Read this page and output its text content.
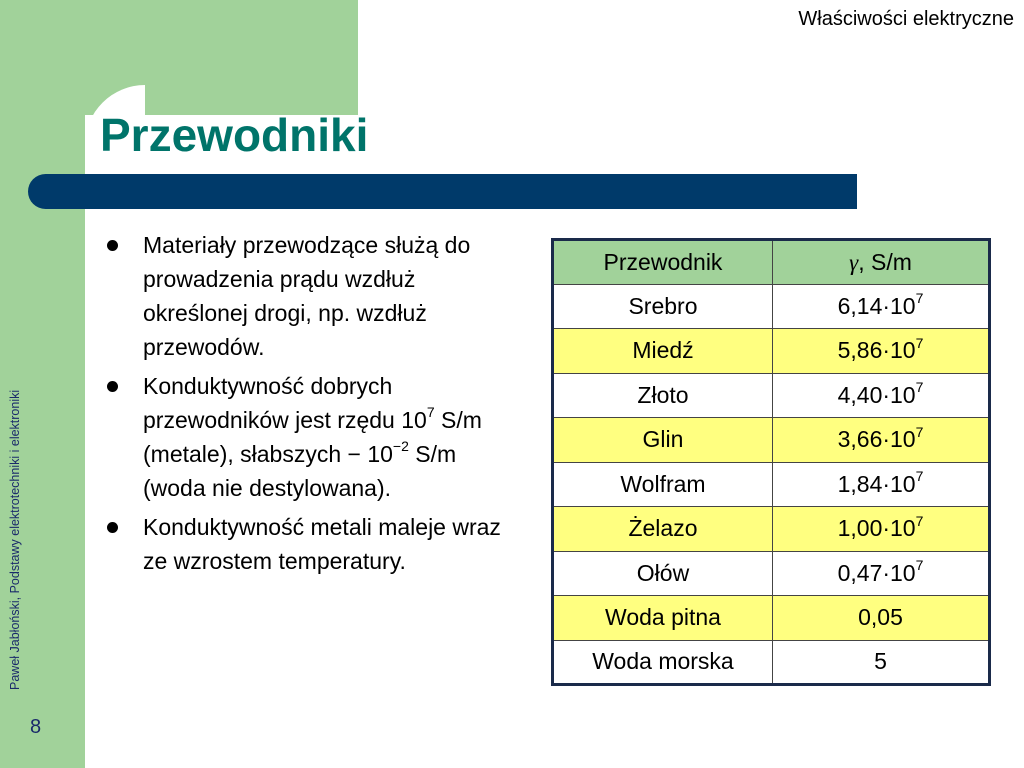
Właściwości elektryczne
Przewodniki
Paweł Jabłoński, Podstawy elektrotechniki i elektroniki
8
Materiały przewodzące służą do prowadzenia prądu wzdłuż określonej drogi, np. wzdłuż przewodów.
Konduktywność dobrych przewodników jest rzędu $10^7$ S/m (metale), słabszych − $10^{-2}$ S/m (woda nie destylowana).
Konduktywność metali maleje wraz ze wzrostem temperatury.
Przewodnik	γ, S/m
Srebro	$6,14\cdot 10^7$
Miedź	$5,86\cdot 10^7$
Złoto	$4,40\cdot 10^7$
Glin	$3,66\cdot 10^7$
Wolfram	$1,84\cdot 10^7$
Żelazo	$1,00\cdot 10^7$
Ołów	$0,47\cdot 10^7$
Woda pitna	0,05
Woda morska	5
